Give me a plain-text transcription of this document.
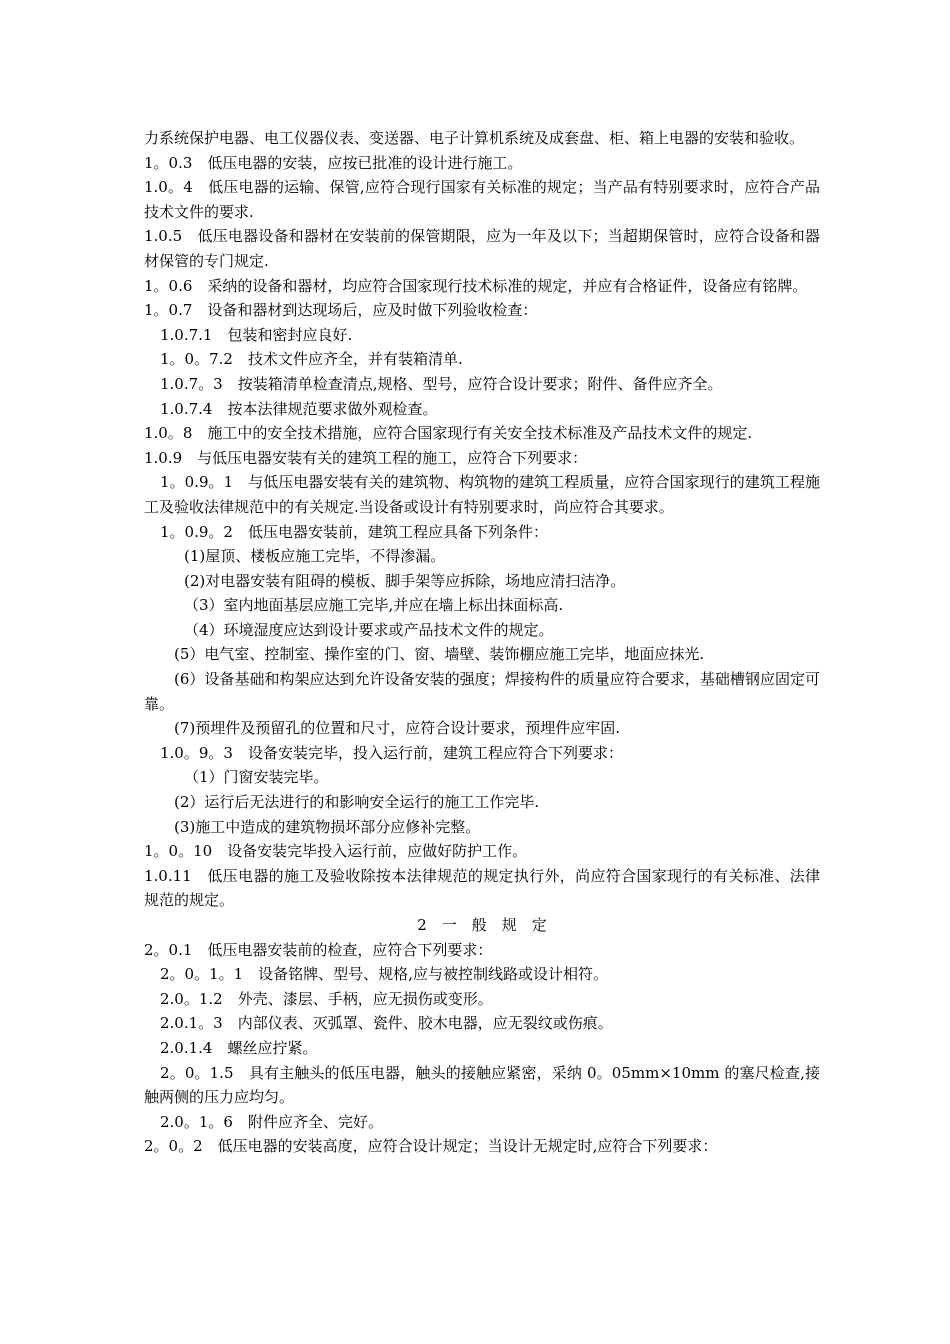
力系统保护电器、电工仪器仪表、变送器、电子计算机系统及成套盘、柜、箱上电器的安装和验收。

1。0.3　低压电器的安装，应按已批准的设计进行施工。

1.0。4　低压电器的运输、保管,应符合现行国家有关标准的规定；当产品有特别要求时，应符合产品技术文件的要求.

1.0.5　低压电器设备和器材在安装前的保管期限，应为一年及以下；当超期保管时，应符合设备和器材保管的专门规定.

1。0.6　采纳的设备和器材，均应符合国家现行技术标准的规定，并应有合格证件，设备应有铭牌。

1。0.7　设备和器材到达现场后，应及时做下列验收检查：

1.0.7.1　包装和密封应良好.

1。0。7.2　技术文件应齐全，并有装箱清单.

1.0.7。3　按装箱清单检查清点,规格、型号，应符合设计要求；附件、备件应齐全。

1.0.7.4　按本法律规范要求做外观检查。

1.0。8　施工中的安全技术措施，应符合国家现行有关安全技术标准及产品技术文件的规定.

1.0.9　与低压电器安装有关的建筑工程的施工，应符合下列要求：

1。0.9。1　与低压电器安装有关的建筑物、构筑物的建筑工程质量，应符合国家现行的建筑工程施工及验收法律规范中的有关规定.当设备或设计有特别要求时，尚应符合其要求。

1。0.9。2　低压电器安装前，建筑工程应具备下列条件：

(1)屋顶、楼板应施工完毕，不得渗漏。

(2)对电器安装有阻碍的模板、脚手架等应拆除，场地应清扫洁净。

（3）室内地面基层应施工完毕,并应在墙上标出抹面标高.

（4）环境湿度应达到设计要求或产品技术文件的规定。

(5）电气室、控制室、操作室的门、窗、墙壁、装饰棚应施工完毕，地面应抹光.

(6）设备基础和构架应达到允许设备安装的强度；焊接构件的质量应符合要求，基础槽钢应固定可靠。

(7)预埋件及预留孔的位置和尺寸，应符合设计要求，预埋件应牢固.

1.0。9。3　设备安装完毕，投入运行前，建筑工程应符合下列要求：

（1）门窗安装完毕。

(2）运行后无法进行的和影响安全运行的施工工作完毕.

(3)施工中造成的建筑物损坏部分应修补完整。

1。0。10　设备安装完毕投入运行前，应做好防护工作。

1.0.11　低压电器的施工及验收除按本法律规范的规定执行外，尚应符合国家现行的有关标准、法律规范的规定。

2　一　般　规　定

2。0.1　低压电器安装前的检查，应符合下列要求：

2。0。1。1　设备铭牌、型号、规格,应与被控制线路或设计相符。

2.0。1.2　外壳、漆层、手柄，应无损伤或变形。

2.0.1。3　内部仪表、灭弧罩、瓷件、胶木电器，应无裂纹或伤痕。

2.0.1.4　螺丝应拧紧。

2。0。1.5　具有主触头的低压电器，触头的接触应紧密，采纳 0。05mm×10mm 的塞尺检查,接触两侧的压力应均匀。

2.0。1。6　附件应齐全、完好。

2。0。2　低压电器的安装高度，应符合设计规定；当设计无规定时,应符合下列要求：
